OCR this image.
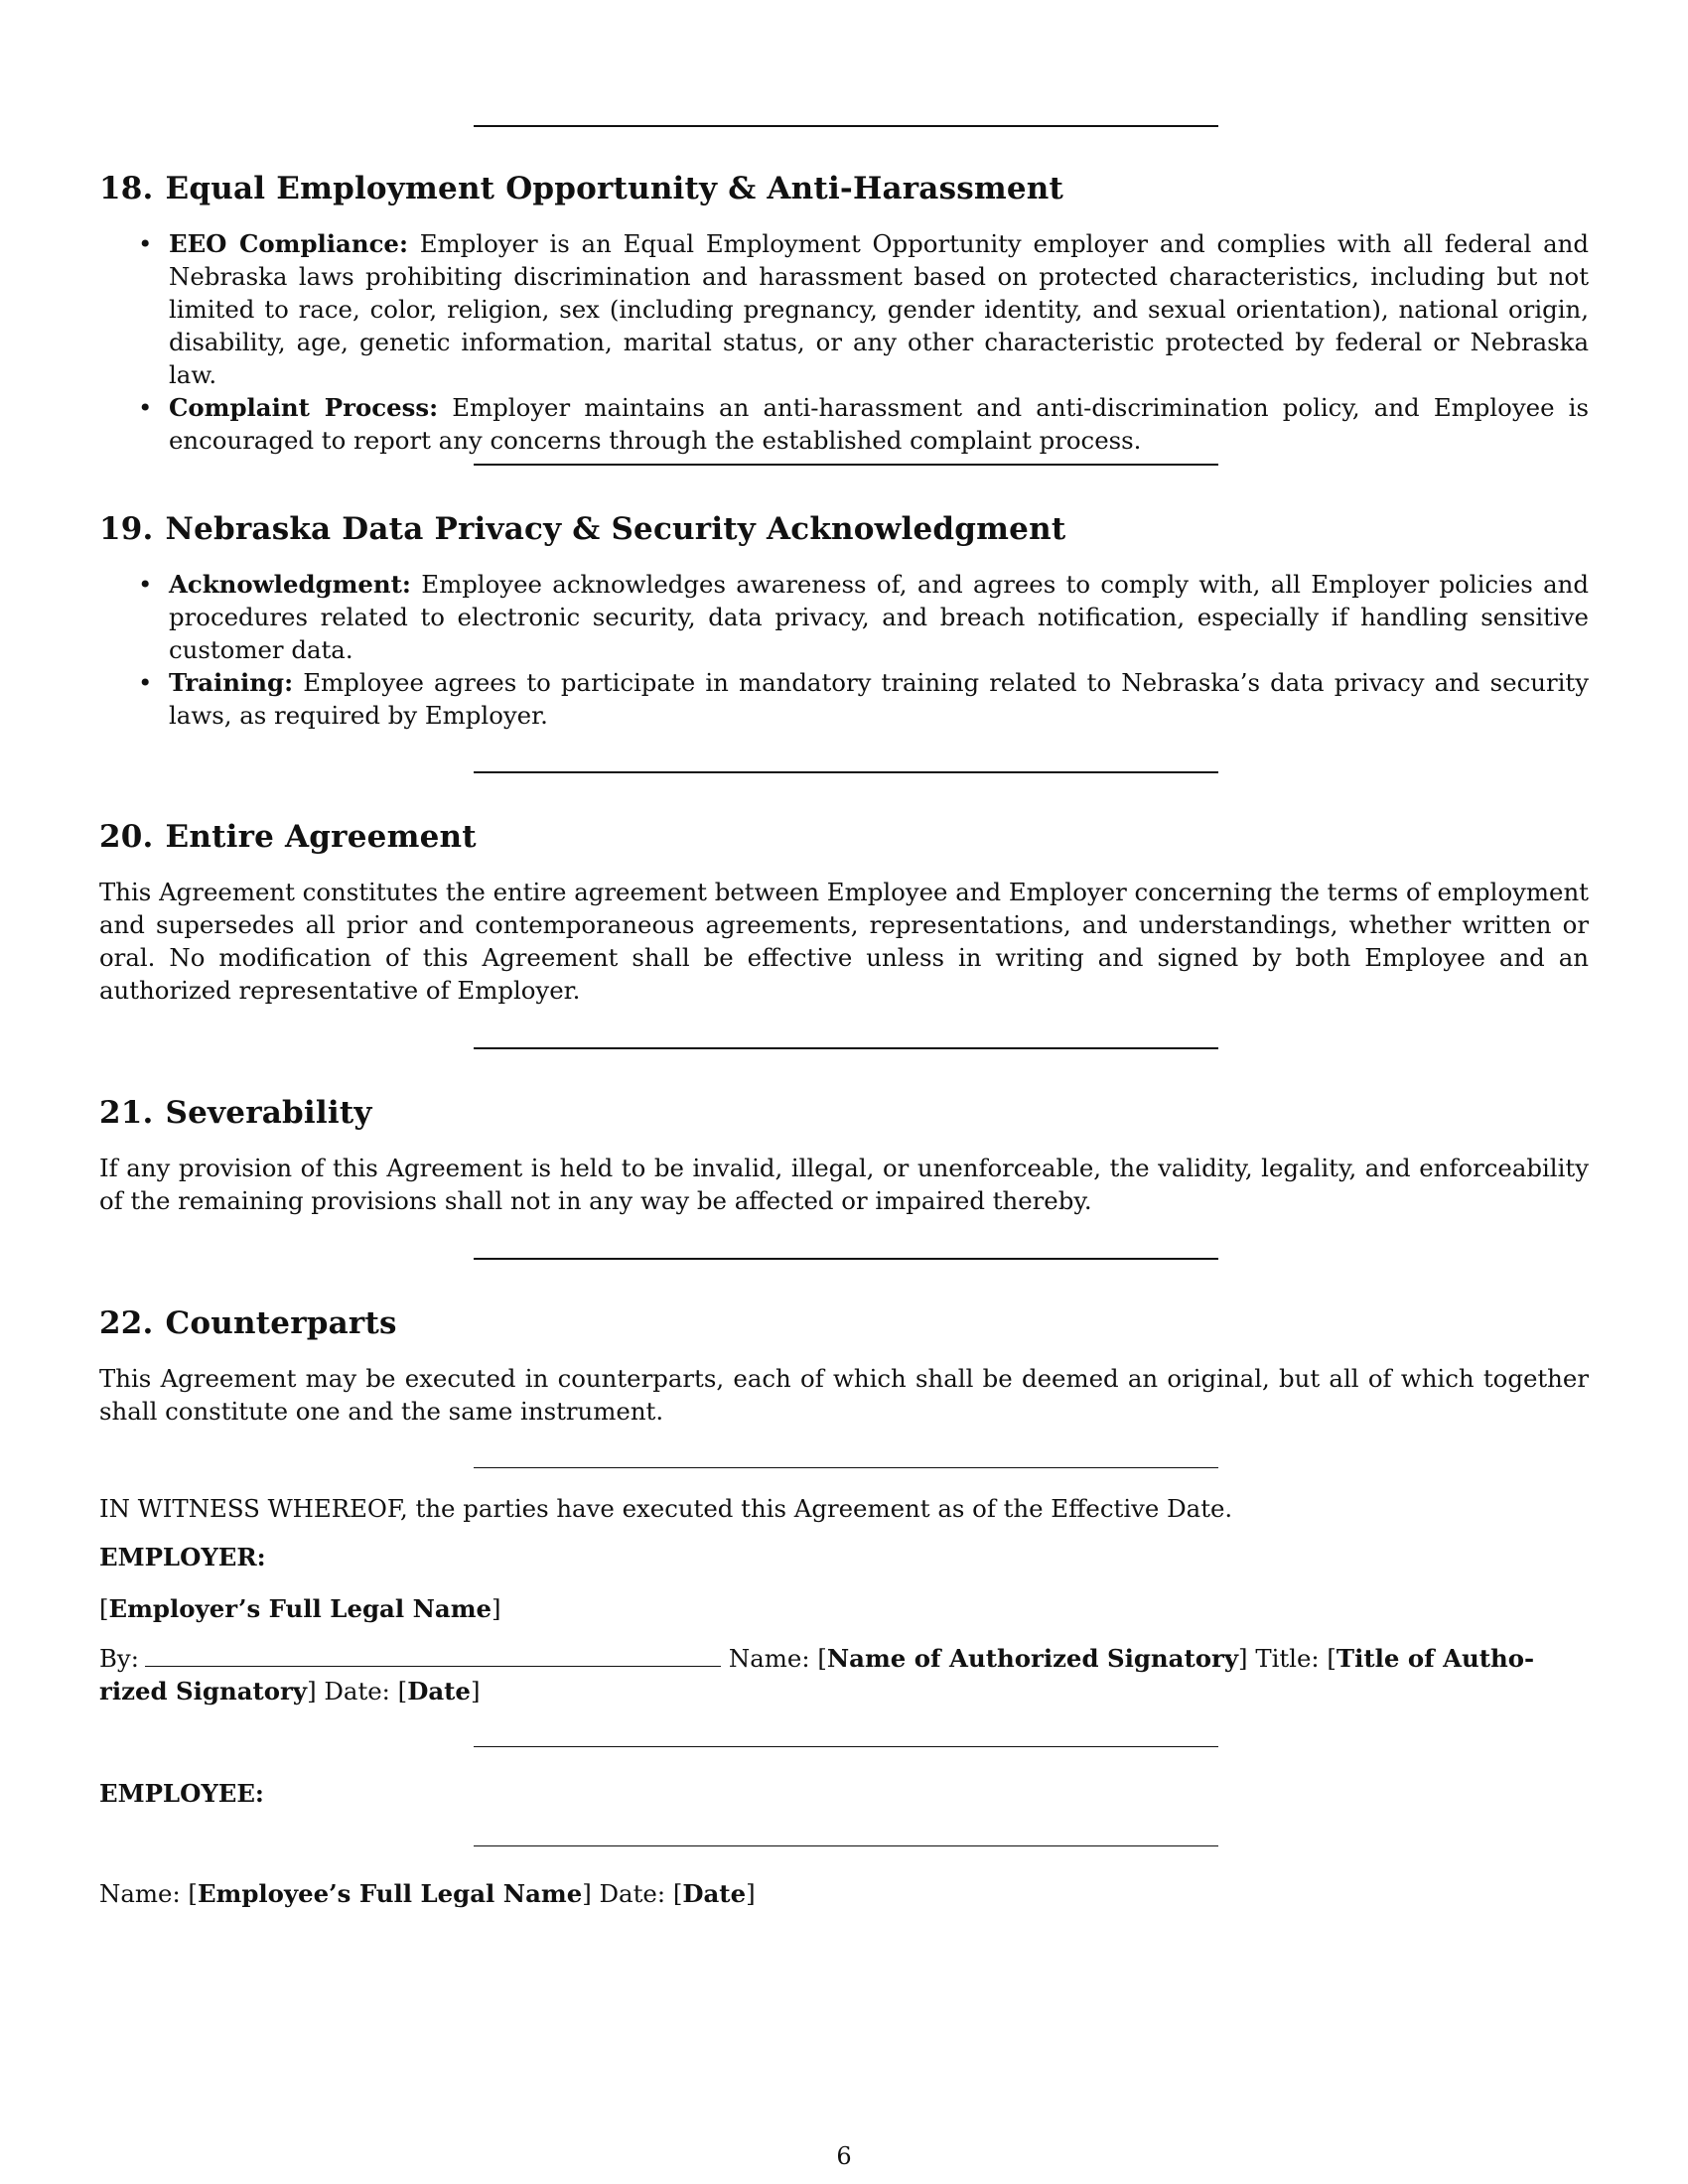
18. Equal Employment Opportunity & Anti-Harassment
• EEO Compliance: Employer is an Equal Employment Opportunity employer and complies with all federal and Nebraska laws prohibiting discrimination and harassment based on protected characteristics, including but not limited to race, color, religion, sex (including pregnancy, gender identity, and sexual orientation), national origin, disability, age, genetic information, marital status, or any other characteristic protected by federal or Nebraska law.
• Complaint Process: Employer maintains an anti-harassment and anti-discrimination policy, and Employee is encouraged to report any concerns through the established complaint process.
19. Nebraska Data Privacy & Security Acknowledgment
• Acknowledgment: Employee acknowledges awareness of, and agrees to comply with, all Employer policies and procedures related to electronic security, data privacy, and breach notification, especially if handling sensitive customer data.
• Training: Employee agrees to participate in mandatory training related to Nebraska’s data privacy and security laws, as required by Employer.
20. Entire Agreement

This Agreement constitutes the entire agreement between Employee and Employer concerning the terms of employment and supersedes all prior and contemporaneous agreements, representations, and understandings, whether written or oral. No modification of this Agreement shall be effective unless in writing and signed by both Employee and an authorized representative of Employer.

21. Severability

If any provision of this Agreement is held to be invalid, illegal, or unenforceable, the validity, legality, and enforceability of the remaining provisions shall not in any way be affected or impaired thereby.

22. Counterparts

This Agreement may be executed in counterparts, each of which shall be deemed an original, but all of which together shall constitute one and the same instrument.

IN WITNESS WHEREOF, the parties have executed this Agreement as of the Effective Date.
EMPLOYER:
[Employer’s Full Legal Name]
By:	Name: [Name of Authorized Signatory] Title: [Title of Autho-
rized Signatory] Date: [Date]
EMPLOYEE:
Name: [Employee’s Full Legal Name] Date: [Date]
6
